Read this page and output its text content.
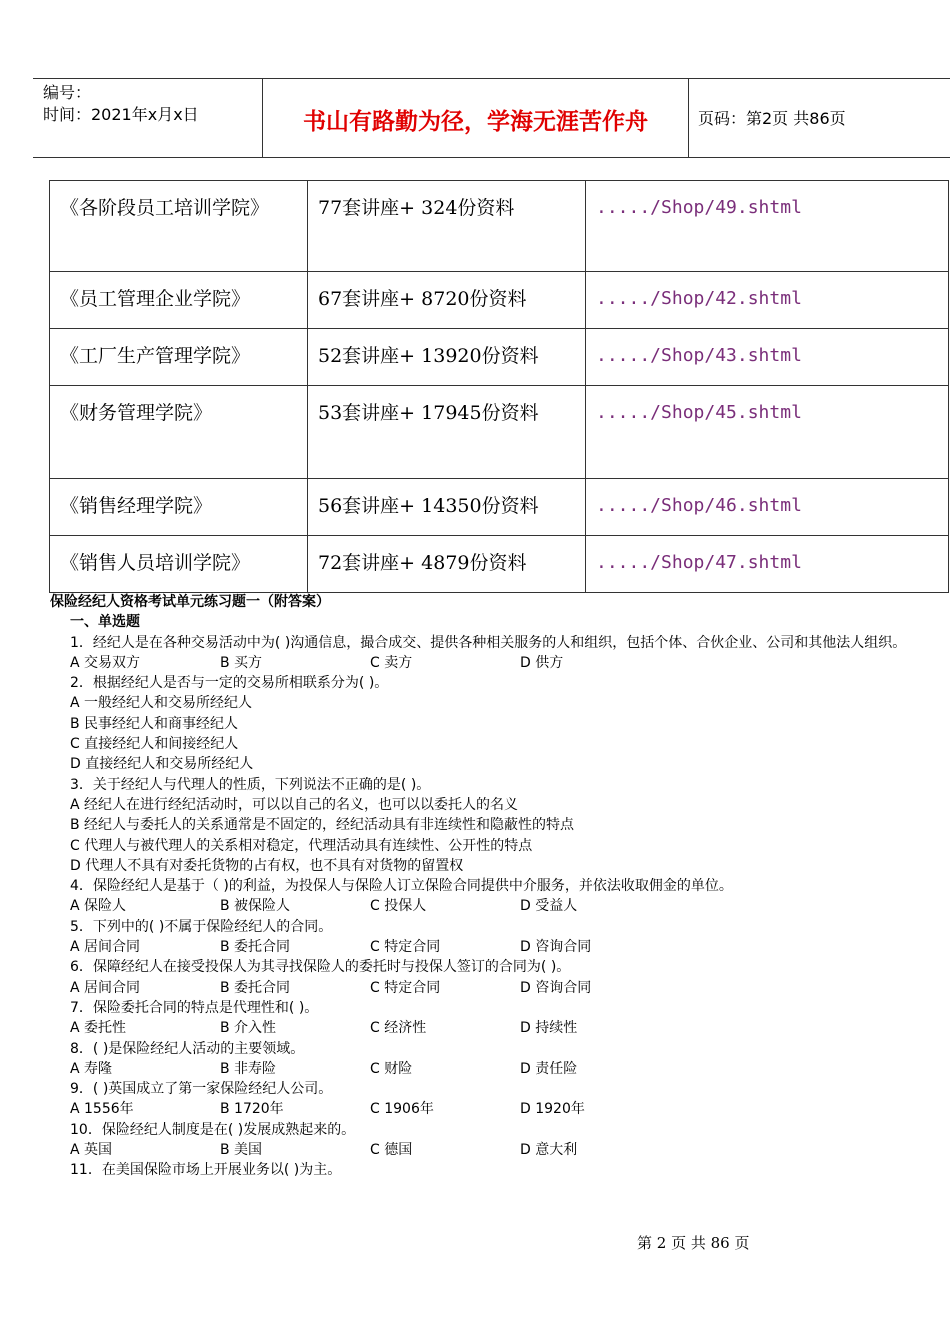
编号：
时间：2021年x月x日	书山有路勤为径，学海无涯苦作舟	页码：第2页 共86页
《各阶段员工培训学院》	77套讲座+ 324份资料	...../Shop/49.shtml
《员工管理企业学院》	67套讲座+ 8720份资料	...../Shop/42.shtml
《工厂生产管理学院》	52套讲座+ 13920份资料	...../Shop/43.shtml
《财务管理学院》	53套讲座+ 17945份资料	...../Shop/45.shtml
《销售经理学院》	56套讲座+ 14350份资料	...../Shop/46.shtml
《销售人员培训学院》	72套讲座+ 4879份资料	...../Shop/47.shtml
保险经纪人资格考试单元练习题一（附答案）
一、单选题
1．经纪人是在各种交易活动中为( )沟通信息，撮合成交、提供各种相关服务的人和组织，包括个体、合伙企业、公司和其他法人组织。
A 交易双方	B 买方	C 卖方	D 供方
2．根据经纪人是否与一定的交易所相联系分为( )。
A 一般经纪人和交易所经纪人
B 民事经纪人和商事经纪人
C 直接经纪人和间接经纪人
D 直接经纪人和交易所经纪人
3．关于经纪人与代理人的性质，下列说法不正确的是( )。
A 经纪人在进行经纪活动时，可以以自己的名义，也可以以委托人的名义
B 经纪人与委托人的关系通常是不固定的，经纪活动具有非连续性和隐蔽性的特点
C 代理人与被代理人的关系相对稳定，代理活动具有连续性、公开性的特点
D 代理人不具有对委托货物的占有权，也不具有对货物的留置权
4．保险经纪人是基于（ )的利益，为投保人与保险人订立保险合同提供中介服务，并依法收取佣金的单位。
A 保险人	B 被保险人	C 投保人	D 受益人
5．下列中的( )不属于保险经纪人的合同。
A 居间合同	B 委托合同	C 特定合同	D 咨询合同
6．保障经纪人在接受投保人为其寻找保险人的委托时与投保人签订的合同为( )。
A 居间合同	B 委托合同	C 特定合同	D 咨询合同
7．保险委托合同的特点是代理性和( )。
A 委托性	B 介入性	C 经济性	D 持续性
8．( )是保险经纪人活动的主要领域。
A 寿隆	B 非寿险	C 财险	D 责任险
9．( )英国成立了第一家保险经纪人公司。
A 1556年	B 1720年	C 1906年	D 1920年
10．保险经纪人制度是在( )发展成熟起来的。
A 英国	B 美国	C 德国	D 意大利
11．在美国保险市场上开展业务以( )为主。
第 2 页 共 86 页
